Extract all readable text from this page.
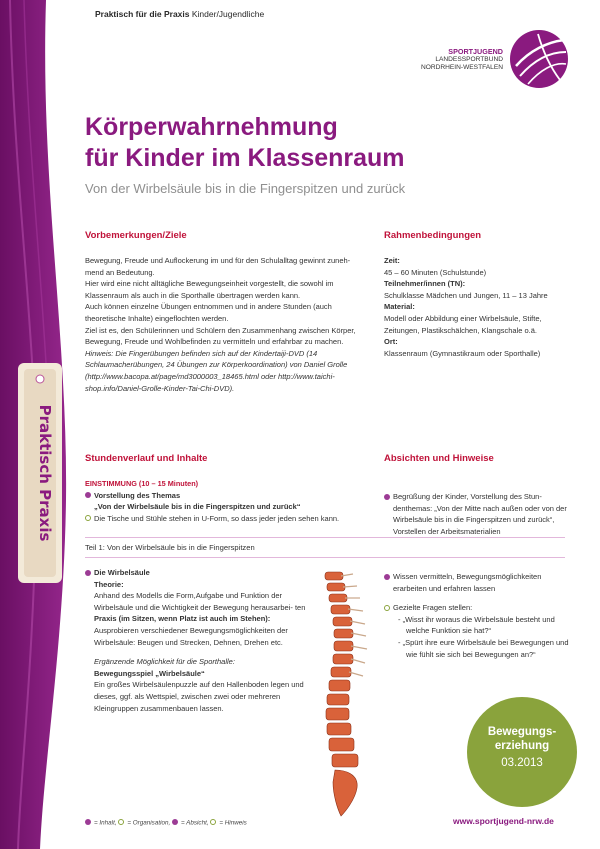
Praktisch Praxis
Praktisch für die Praxis Kinder/Jugendliche
SPORTJUGEND
LANDESSPORTBUND
NORDRHEIN-WESTFALEN
Körperwahrnehmung
für Kinder im Klassenraum
Von der Wirbelsäule bis in die Fingerspitzen und zurück
Vorbemerkungen/Ziele

Bewegung, Freude und Auflockerung im und für den Schulalltag gewinnt zuneh- mend an Bedeutung.

Hier wird eine nicht alltägliche Bewegungseinheit vorgestellt, die sowohl im Klassenraum als auch in die Sporthalle übertragen werden kann.

Auch können einzelne Übungen entnommen und in andere Stunden (auch theoretische Inhalte) eingeflochten werden.

Ziel ist es, den Schülerinnen und Schülern den Zusammenhang zwischen Körper, Bewegung, Freude und Wohlbefinden zu vermitteln und erfahrbar zu machen.

Hinweis: Die Fingerübungen befinden sich auf der Kindertaiji-DVD (14 Schlaumacherübungen, 24 Übungen zur Körperkoordination) von Daniel Grolle (http://www.bacopa.at/page/md3000003_18465.html oder http://www.taichi-shop.info/Daniel-Grolle-Kinder-Tai-Chi-DVD).

Rahmenbedingungen

Zeit:

45 – 60 Minuten (Schulstunde)

Teilnehmer/innen (TN):

Schulklasse Mädchen und Jungen, 11 – 13 Jahre

Material:

Modell oder Abbildung einer Wirbelsäule, Stifte, Zeitungen, Plastikschälchen, Klangschale o.ä.

Ort:

Klassenraum (Gymnastikraum oder Sporthalle)

Stundenverlauf und Inhalte	Absichten und Hinweise

EINSTIMMUNG (10 – 15 Minuten)

Vorstellung des Themas

„Von der Wirbelsäule bis in die Fingerspitzen und zurück“

Die Tische und Stühle stehen in U-Form, so dass jeder jeden sehen kann.

Teil 1: Von der Wirbelsäule bis in die Fingerspitzen

Die Wirbelsäule

Theorie:

Anhand des Modells die Form,Aufgabe und Funktion der Wirbelsäule und die Wichtigkeit der Bewegung herausarbei- ten

Praxis (im Sitzen, wenn Platz ist auch im Stehen):

Ausprobieren verschiedener Bewegungsmöglichkeiten der Wirbelsäule: Beugen und Strecken, Dehnen, Drehen etc.

Ergänzende Möglichkeit für die Sporthalle:

Bewegungsspiel „Wirbelsäule“

Ein großes Wirbelsäulenpuzzle auf den Hallenboden legen und dieses, ggf. als Wettspiel, zwischen zwei oder mehreren Kleingruppen zusammenbauen lassen.

Begrüßung der Kinder, Vorstellung des Stun- denthemas: „Von der Mitte nach außen oder von der Wirbelsäule bis in die Fingerspitzen und zurück“, Vorstellen der Arbeitsmaterialien

Wissen vermitteln, Bewegungsmöglichkeiten erarbeiten und erfahren lassen

Gezielte Fragen stellen:

- „Wisst ihr woraus die Wirbelsäule besteht und welche Funktion sie hat?“
- „Spürt ihre eure Wirbelsäule bei Bewegungen und wie fühlt sie sich bei Bewegungen an?“
Bewegungs-
erziehung
03.2013
= Inhalt, = Organisation, = Absicht, = Hinweis	www.sportjugend-nrw.de
